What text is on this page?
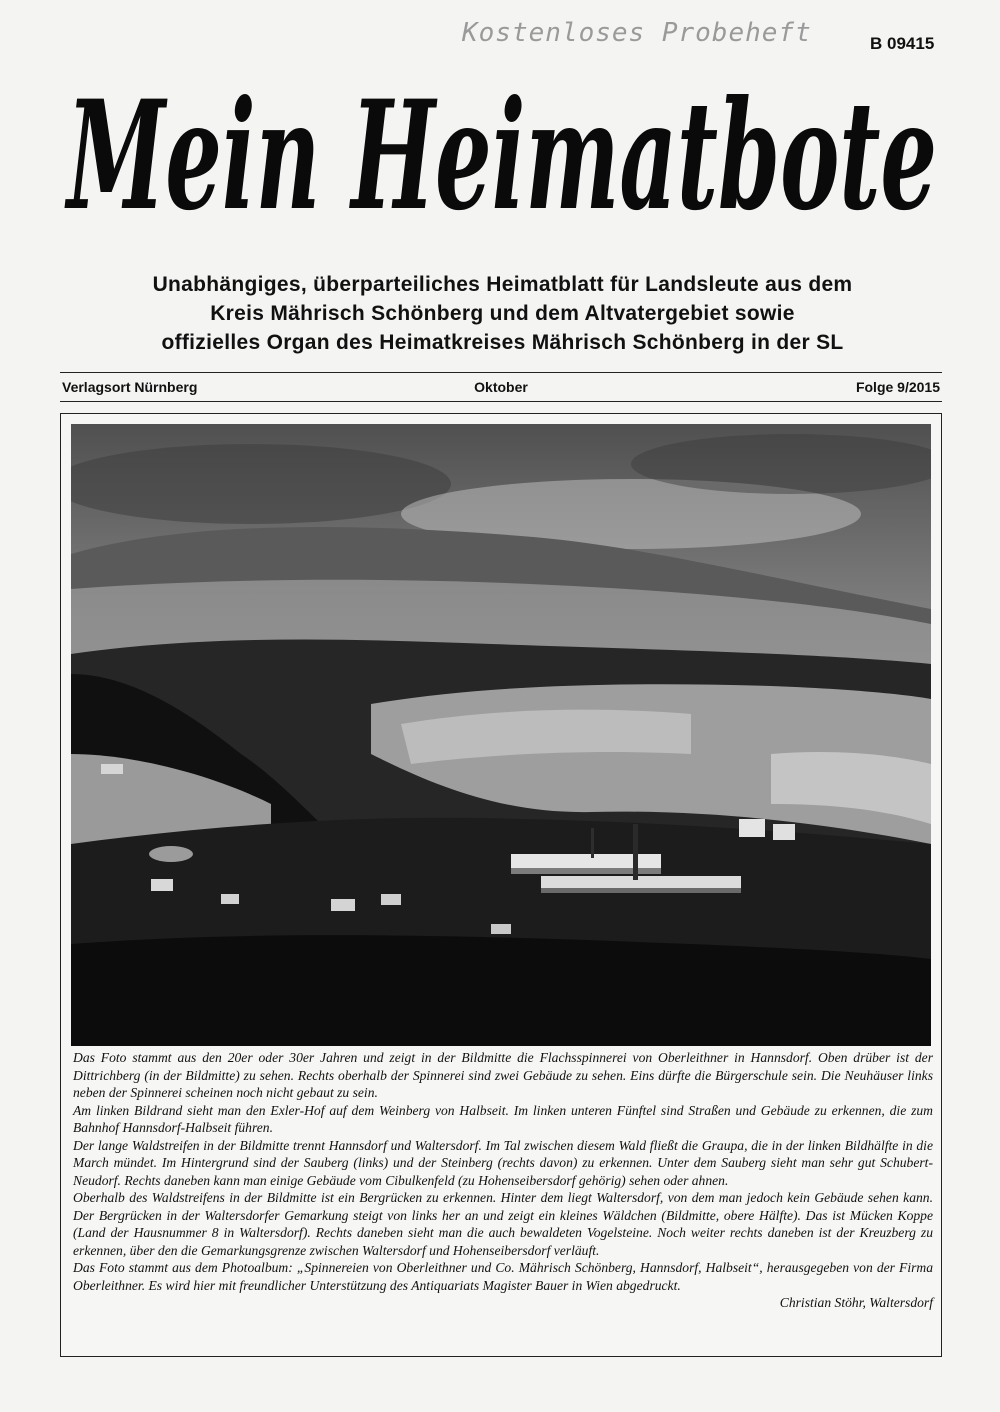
Kostenloses Probeheft	B 09415
Mein Heimatbote
Unabhängiges, überparteiliches Heimatblatt für Landsleute aus dem
Kreis Mährisch Schönberg und dem Altvatergebiet sowie
offizielles Organ des Heimatkreises Mährisch Schönberg in der SL
Verlagsort Nürnberg	Oktober	Folge 9/2015

Das Foto stammt aus den 20er oder 30er Jahren und zeigt in der Bildmitte die Flachsspinnerei von Oberleithner in Hannsdorf. Oben drüber ist der Dittrichberg (in der Bildmitte) zu sehen. Rechts oberhalb der Spinnerei sind zwei Gebäude zu sehen. Eins dürfte die Bürgerschule sein. Die Neuhäuser links neben der Spinnerei scheinen noch nicht gebaut zu sein.

Am linken Bildrand sieht man den Exler-Hof auf dem Weinberg von Halbseit. Im linken unteren Fünftel sind Straßen und Gebäude zu erkennen, die zum Bahnhof Hannsdorf-Halbseit führen.

Der lange Waldstreifen in der Bildmitte trennt Hannsdorf und Waltersdorf. Im Tal zwischen diesem Wald fließt die Graupa, die in der linken Bildhälfte in die March mündet. Im Hintergrund sind der Sauberg (links) und der Steinberg (rechts davon) zu erkennen. Unter dem Sauberg sieht man sehr gut Schubert-Neudorf. Rechts daneben kann man einige Gebäude vom Cibulkenfeld (zu Hohenseibersdorf gehörig) sehen oder ahnen.

Oberhalb des Waldstreifens in der Bildmitte ist ein Bergrücken zu erkennen. Hinter dem liegt Waltersdorf, von dem man jedoch kein Gebäude sehen kann. Der Bergrücken in der Waltersdorfer Gemarkung steigt von links her an und zeigt ein kleines Wäldchen (Bildmitte, obere Hälfte). Das ist Mücken Koppe (Land der Hausnummer 8 in Waltersdorf). Rechts daneben sieht man die auch bewaldeten Vogelsteine. Noch weiter rechts daneben ist der Kreuzberg zu erkennen, über den die Gemarkungsgrenze zwischen Waltersdorf und Hohenseibersdorf verläuft.

Das Foto stammt aus dem Photoalbum: „Spinnereien von Oberleithner und Co. Mährisch Schönberg, Hannsdorf, Halbseit“, herausgegeben von der Firma Oberleithner. Es wird hier mit freundlicher Unterstützung des Antiquariats Magister Bauer in Wien abgedruckt.

Christian Stöhr, Waltersdorf
